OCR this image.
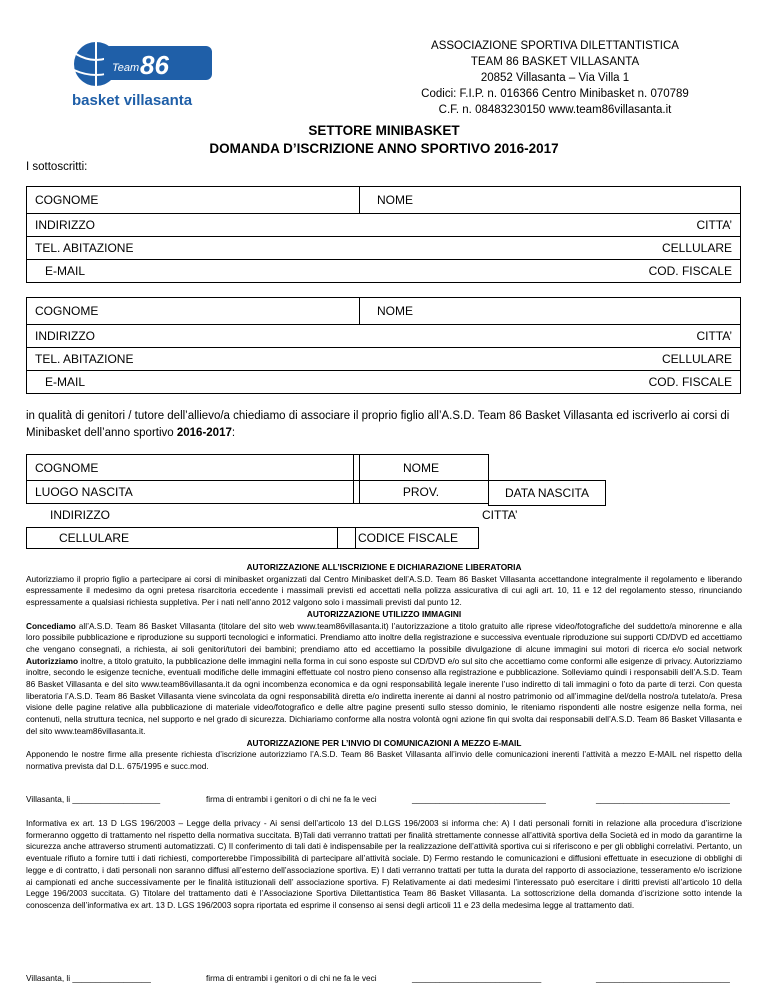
86
Team
basket villasanta
ASSOCIAZIONE SPORTIVA DILETTANTISTICA
TEAM 86 BASKET VILLASANTA
20852 Villasanta – Via Villa 1
Codici: F.I.P. n. 016366 Centro Minibasket n. 070789
C.F. n. 08483230150 www.team86villasanta.it
SETTORE MINIBASKET
DOMANDA D’ISCRIZIONE ANNO SPORTIVO 2016-2017
I sottoscritti:
COGNOME	NOME
INDIRIZZO	CITTA’
TEL. ABITAZIONE	CELLULARE
E-MAIL	COD. FISCALE
COGNOME	NOME
INDIRIZZO	CITTA’
TEL. ABITAZIONE	CELLULARE
E-MAIL	COD. FISCALE
in qualità di genitori / tutore dell’allievo/a chiediamo di associare il proprio figlio all’A.S.D. Team 86 Basket Villasanta ed iscriverlo ai corsi di Minibasket dell’anno sportivo 2016-2017:
COGNOME	NOME
LUOGO NASCITA	PROV.	DATA NASCITA
INDIRIZZO	CITTA’
CELLULARE	CODICE FISCALE
AUTORIZZAZIONE ALL’ISCRIZIONE E DICHIARAZIONE LIBERATORIA
Autorizziamo il proprio figlio a partecipare ai corsi di minibasket organizzati dal Centro Minibasket dell’A.S.D. Team 86 Basket Villasanta accettandone integralmente il regolamento e liberando espressamente il medesimo da ogni pretesa risarcitoria eccedente i massimali previsti ed accettati nella polizza assicurativa di cui agli art. 10, 11 e 12 del regolamento stesso, rinunciando espressamente a qualsiasi richiesta suppletiva. Per i nati nell’anno 2012 valgono solo i massimali previsti dal punto 12.
AUTORIZZAZIONE UTILIZZO IMMAGINI
Concediamo all’A.S.D. Team 86 Basket Villasanta (titolare del sito web www.team86villasanta.it) l’autorizzazione a titolo gratuito alle riprese video/fotografiche del suddetto/a minorenne e alla loro possibile pubblicazione e riproduzione su supporti tecnologici e informatici. Prendiamo atto inoltre della registrazione e successiva eventuale riproduzione sui supporti CD/DVD ed accettiamo che vengano consegnati, a richiesta, ai soli genitori/tutori dei bambini; prendiamo atto ed accettiamo la possibile divulgazione di alcune immagini sui motori di ricerca e/o social network Autorizziamo inoltre, a titolo gratuito, la pubblicazione delle immagini nella forma in cui sono esposte sul CD/DVD e/o sul sito che accettiamo come conformi alle esigenze di privacy. Autorizziamo inoltre, secondo le esigenze tecniche, eventuali modifiche delle immagini effettuate col nostro pieno consenso alla registrazione e pubblicazione. Solleviamo quindi i responsabili dell’A.S.D. Team 86 Basket Villasanta e del sito www.team86villasanta.it da ogni incombenza economica e da ogni responsabilità legale inerente l’uso indiretto di tali immagini o foto da parte di terzi. Con questa liberatoria l’A.S.D. Team 86 Basket Villasanta viene svincolata da ogni responsabilità diretta e/o indiretta inerente ai danni al nostro patrimonio od all’immagine del/della nostro/a tutelato/a. Presa visione delle pagine relative alla pubblicazione di materiale video/fotografico e delle altre pagine presenti sullo stesso dominio, le riteniamo rispondenti alle nostre esigenze nella forma, nei contenuti, nella struttura tecnica, nel supporto e nel grado di sicurezza. Dichiariamo conforme alla nostra volontà ogni azione fin qui svolta dai responsabili dell’A.S.D. Team 86 Basket Villasanta e del sito www.team86villasanta.it.
AUTORIZZAZIONE PER L’INVIO DI COMUNICAZIONI A MEZZO E-MAIL
Apponendo le nostre firme alla presente richiesta d’iscrizione autorizziamo l’A.S.D. Team 86 Basket Villasanta all’invio delle comunicazioni inerenti l’attività a mezzo E-MAIL nel rispetto della normativa prevista dal D.L. 675/1995 e succ.mod.
Villasanta, li ___________________	firma di entrambi i genitori o di chi ne fa le veci	_____________________________	_____________________________
Informativa ex art. 13 D LGS 196/2003 – Legge della privacy - Ai sensi dell’articolo 13 del D.LGS 196/2003 si informa che: A) I dati personali forniti in relazione alla procedura d’iscrizione formeranno oggetto di trattamento nel rispetto della normativa succitata. B)Tali dati verranno trattati per finalità strettamente connesse all’attività sportiva della Società ed in modo da garantirne la sicurezza anche attraverso strumenti automatizzati. C) Il conferimento di tali dati è indispensabile per la realizzazione dell’attività sportiva cui si riferiscono e per gli obblighi correlativi. Pertanto, un eventuale rifiuto a fornire tutti i dati richiesti, comporterebbe l’impossibilità di partecipare all’attività sociale. D) Fermo restando le comunicazioni e diffusioni effettuate in esecuzione di obblighi di legge e di contratto, i dati personali non saranno diffusi all’esterno dell’associazione sportiva. E) I dati verranno trattati per tutta la durata del rapporto di associazione, tesseramento e/o iscrizione ai campionati ed anche successivamente per le finalità istituzionali dell’ associazione sportiva. F) Relativamente ai dati medesimi l’interessato può esercitare i diritti previsti all’articolo 10 della Legge 196/2003 succitata. G) Titolare del trattamento dati è l’Associazione Sportiva Dilettantistica Team 86 Basket Villasanta. La sottoscrizione della domanda d’iscrizione sotto intende la conoscenza dell’informativa ex art. 13 D. LGS 196/2003 sopra riportata ed esprime il consenso ai sensi degli articoli 11 e 23 della medesima legge al trattamento dati.
Villasanta, li _________________	firma di entrambi i genitori o di chi ne fa le veci	____________________________	_____________________________
